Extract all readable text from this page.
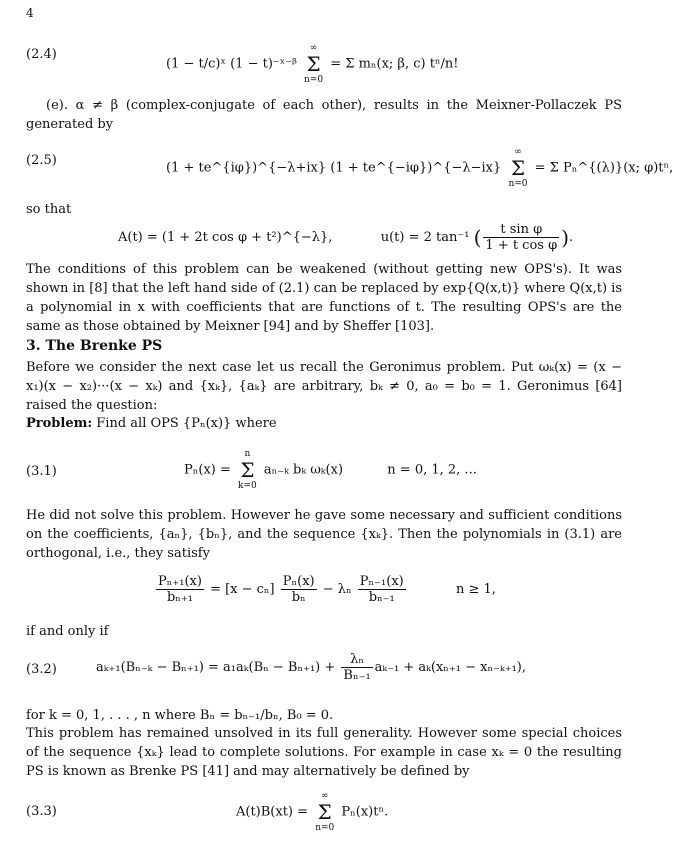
4
(2.4)
(1 − t/c)ˣ (1 − t)⁻ˣ⁻ᵝ
∞
Σ
n=0
= Σ mₙ(x; β, c) tⁿ/n!
(e). α ≠ β (complex-conjugate of each other), results in the Meixner-Pollaczek PS generated by
(2.5)	(1 + te^{iφ})^{−λ+ix} (1 + te^{−iφ})^{−λ−ix}
∞
Σ
n=0
= Σ Pₙ^{(λ)}(x; φ)tⁿ,
so that
A(t) = (1 + 2t cos φ + t²)^{−λ},	u(t) = 2 tan⁻¹ ( $\frac{\text{t sin φ}}{\text{1 + t cos φ}}$ ).
The conditions of this problem can be weakened (without getting new OPS's). It was shown in [8] that the left hand side of (2.1) can be replaced by exp{Q(x,t)} where Q(x,t) is a polynomial in x with coefficients that are functions of t. The resulting OPS's are the same as those obtained by Meixner [94] and by Sheffer [103].
3. The Brenke PS
Before we consider the next case let us recall the Geronimus problem. Put ωₖ(x) = (x − x₁)(x − x₂)···(x − xₖ) and {xₖ}, {aₖ} are arbitrary, bₖ ≠ 0, a₀ = b₀ = 1. Geronimus [64] raised the question:
Problem: Find all OPS {Pₙ(x)} where
(3.1)	Pₙ(x) =
n
Σ
k=0
aₙ₋ₖ bₖ ωₖ(x)	n = 0, 1, 2, ...
He did not solve this problem. However he gave some necessary and sufficient conditions on the coefficients, {aₙ}, {bₙ}, and the sequence {xₖ}. Then the polynomials in (3.1) are orthogonal, i.e., they satisfy
$\frac{\text{Pₙ₊₁(x)}}{\text{bₙ₊₁}} = [x - c_n] \frac{\text{Pₙ(x)}}{\text{bₙ}} - \lambda_n \frac{\text{Pₙ₋₁(x)}}{\text{bₙ₋₁}}$	n ≥ 1,
if and only if
(3.2)	$a_{k+1}(B_{n-k} - B_{n+1}) = a_1a_k(B_n - B_{n+1}) + \frac{\text{λₙ}}{\text{Bₙ₋₁}} a_{k-1} + a_k(x_{n+1} - x_{n-k+1})$,
for k = 0, 1, . . . , n where Bₙ = bₙ₋₁/bₙ, B₀ = 0.
This problem has remained unsolved in its full generality. However some special choices of the sequence {xₖ} lead to complete solutions. For example in case xₖ = 0 the resulting PS is known as Brenke PS [41] and may alternatively be defined by
(3.3)	A(t)B(xt) =
∞
Σ
n=0
Pₙ(x)tⁿ.
